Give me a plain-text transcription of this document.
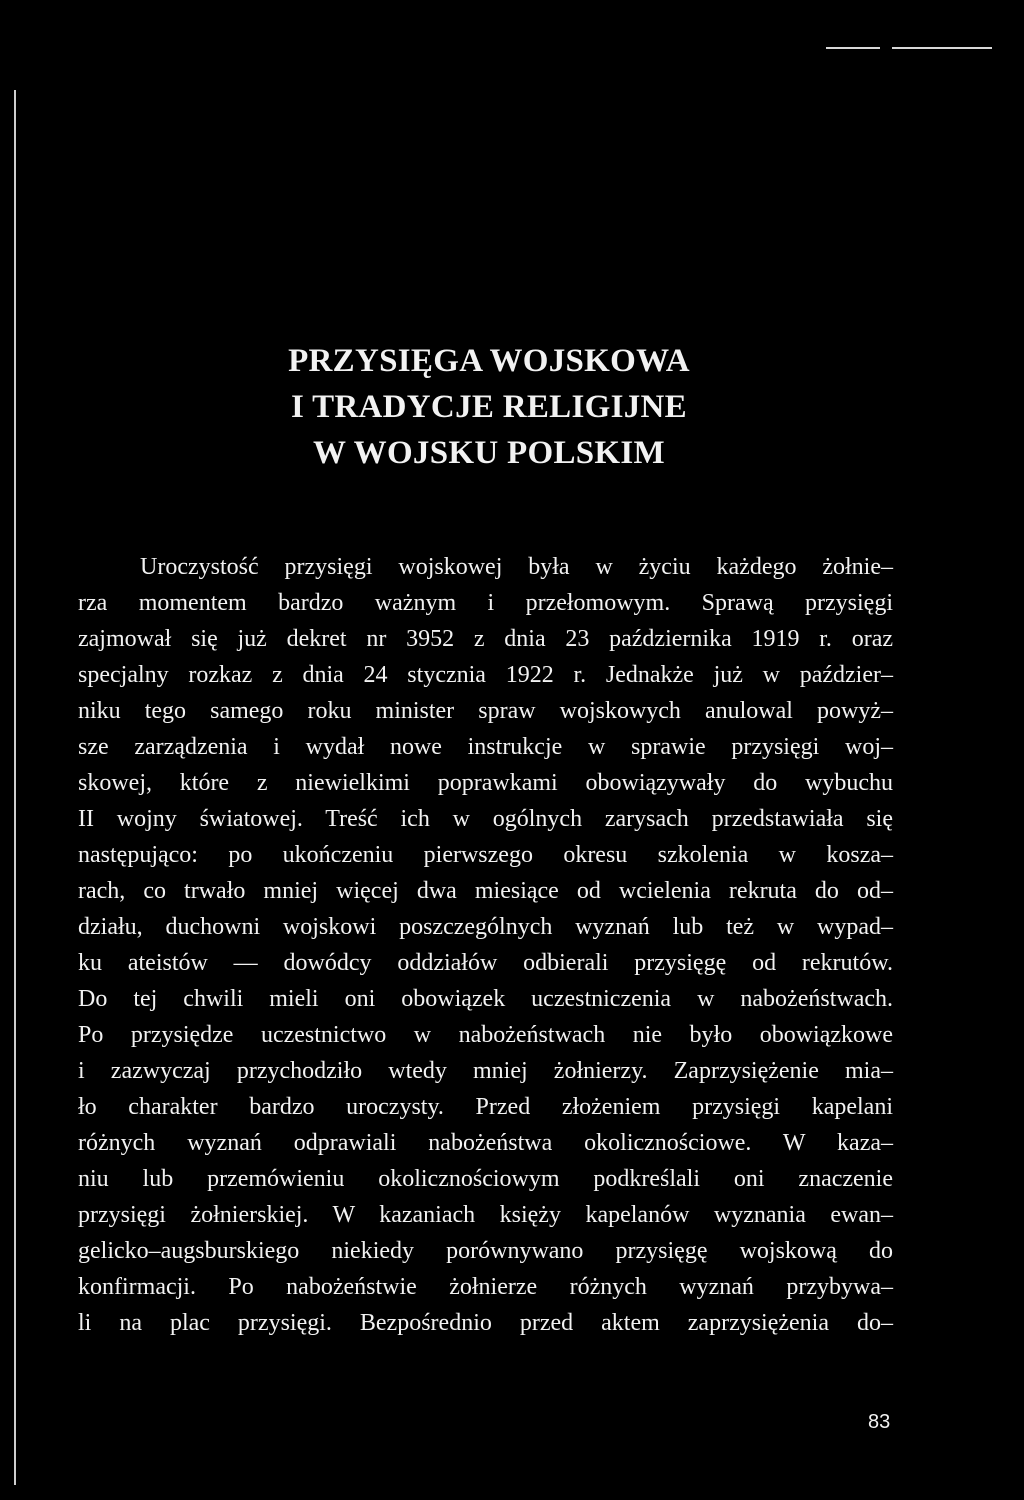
PRZYSIĘGA WOJSKOWA
I TRADYCJE RELIGIJNE
W WOJSKU POLSKIM
Uroczystość przysięgi wojskowej była w życiu każdego żołnie–
rza momentem bardzo ważnym i przełomowym. Sprawą przysięgi
zajmował się już dekret nr 3952 z dnia 23 października 1919 r. oraz
specjalny rozkaz z dnia 24 stycznia 1922 r. Jednakże już w paździer–
niku tego samego roku minister spraw wojskowych anulowal powyż–
sze zarządzenia i wydał nowe instrukcje w sprawie przysięgi woj–
skowej, które z niewielkimi poprawkami obowiązywały do wybuchu
II wojny światowej. Treść ich w ogólnych zarysach przedstawiała się
następująco: po ukończeniu pierwszego okresu szkolenia w kosza–
rach, co trwało mniej więcej dwa miesiące od wcielenia rekruta do od–
działu, duchowni wojskowi poszczególnych wyznań lub też w wypad–
ku ateistów — dowódcy oddziałów odbierali przysięgę od rekrutów.
Do tej chwili mieli oni obowiązek uczestniczenia w nabożeństwach.
Po przysiędze uczestnictwo w nabożeństwach nie było obowiązkowe
i zazwyczaj przychodziło wtedy mniej żołnierzy. Zaprzysiężenie mia–
ło charakter bardzo uroczysty. Przed złożeniem przysięgi kapelani
różnych wyznań odprawiali nabożeństwa okolicznościowe. W kaza–
niu lub przemówieniu okolicznościowym podkreślali oni znaczenie
przysięgi żołnierskiej. W kazaniach księży kapelanów wyznania ewan–
gelicko–augsburskiego niekiedy porównywano przysięgę wojskową do
konfirmacji. Po nabożeństwie żołnierze różnych wyznań przybywa–
li na plac przysięgi. Bezpośrednio przed aktem zaprzysiężenia do–
83
